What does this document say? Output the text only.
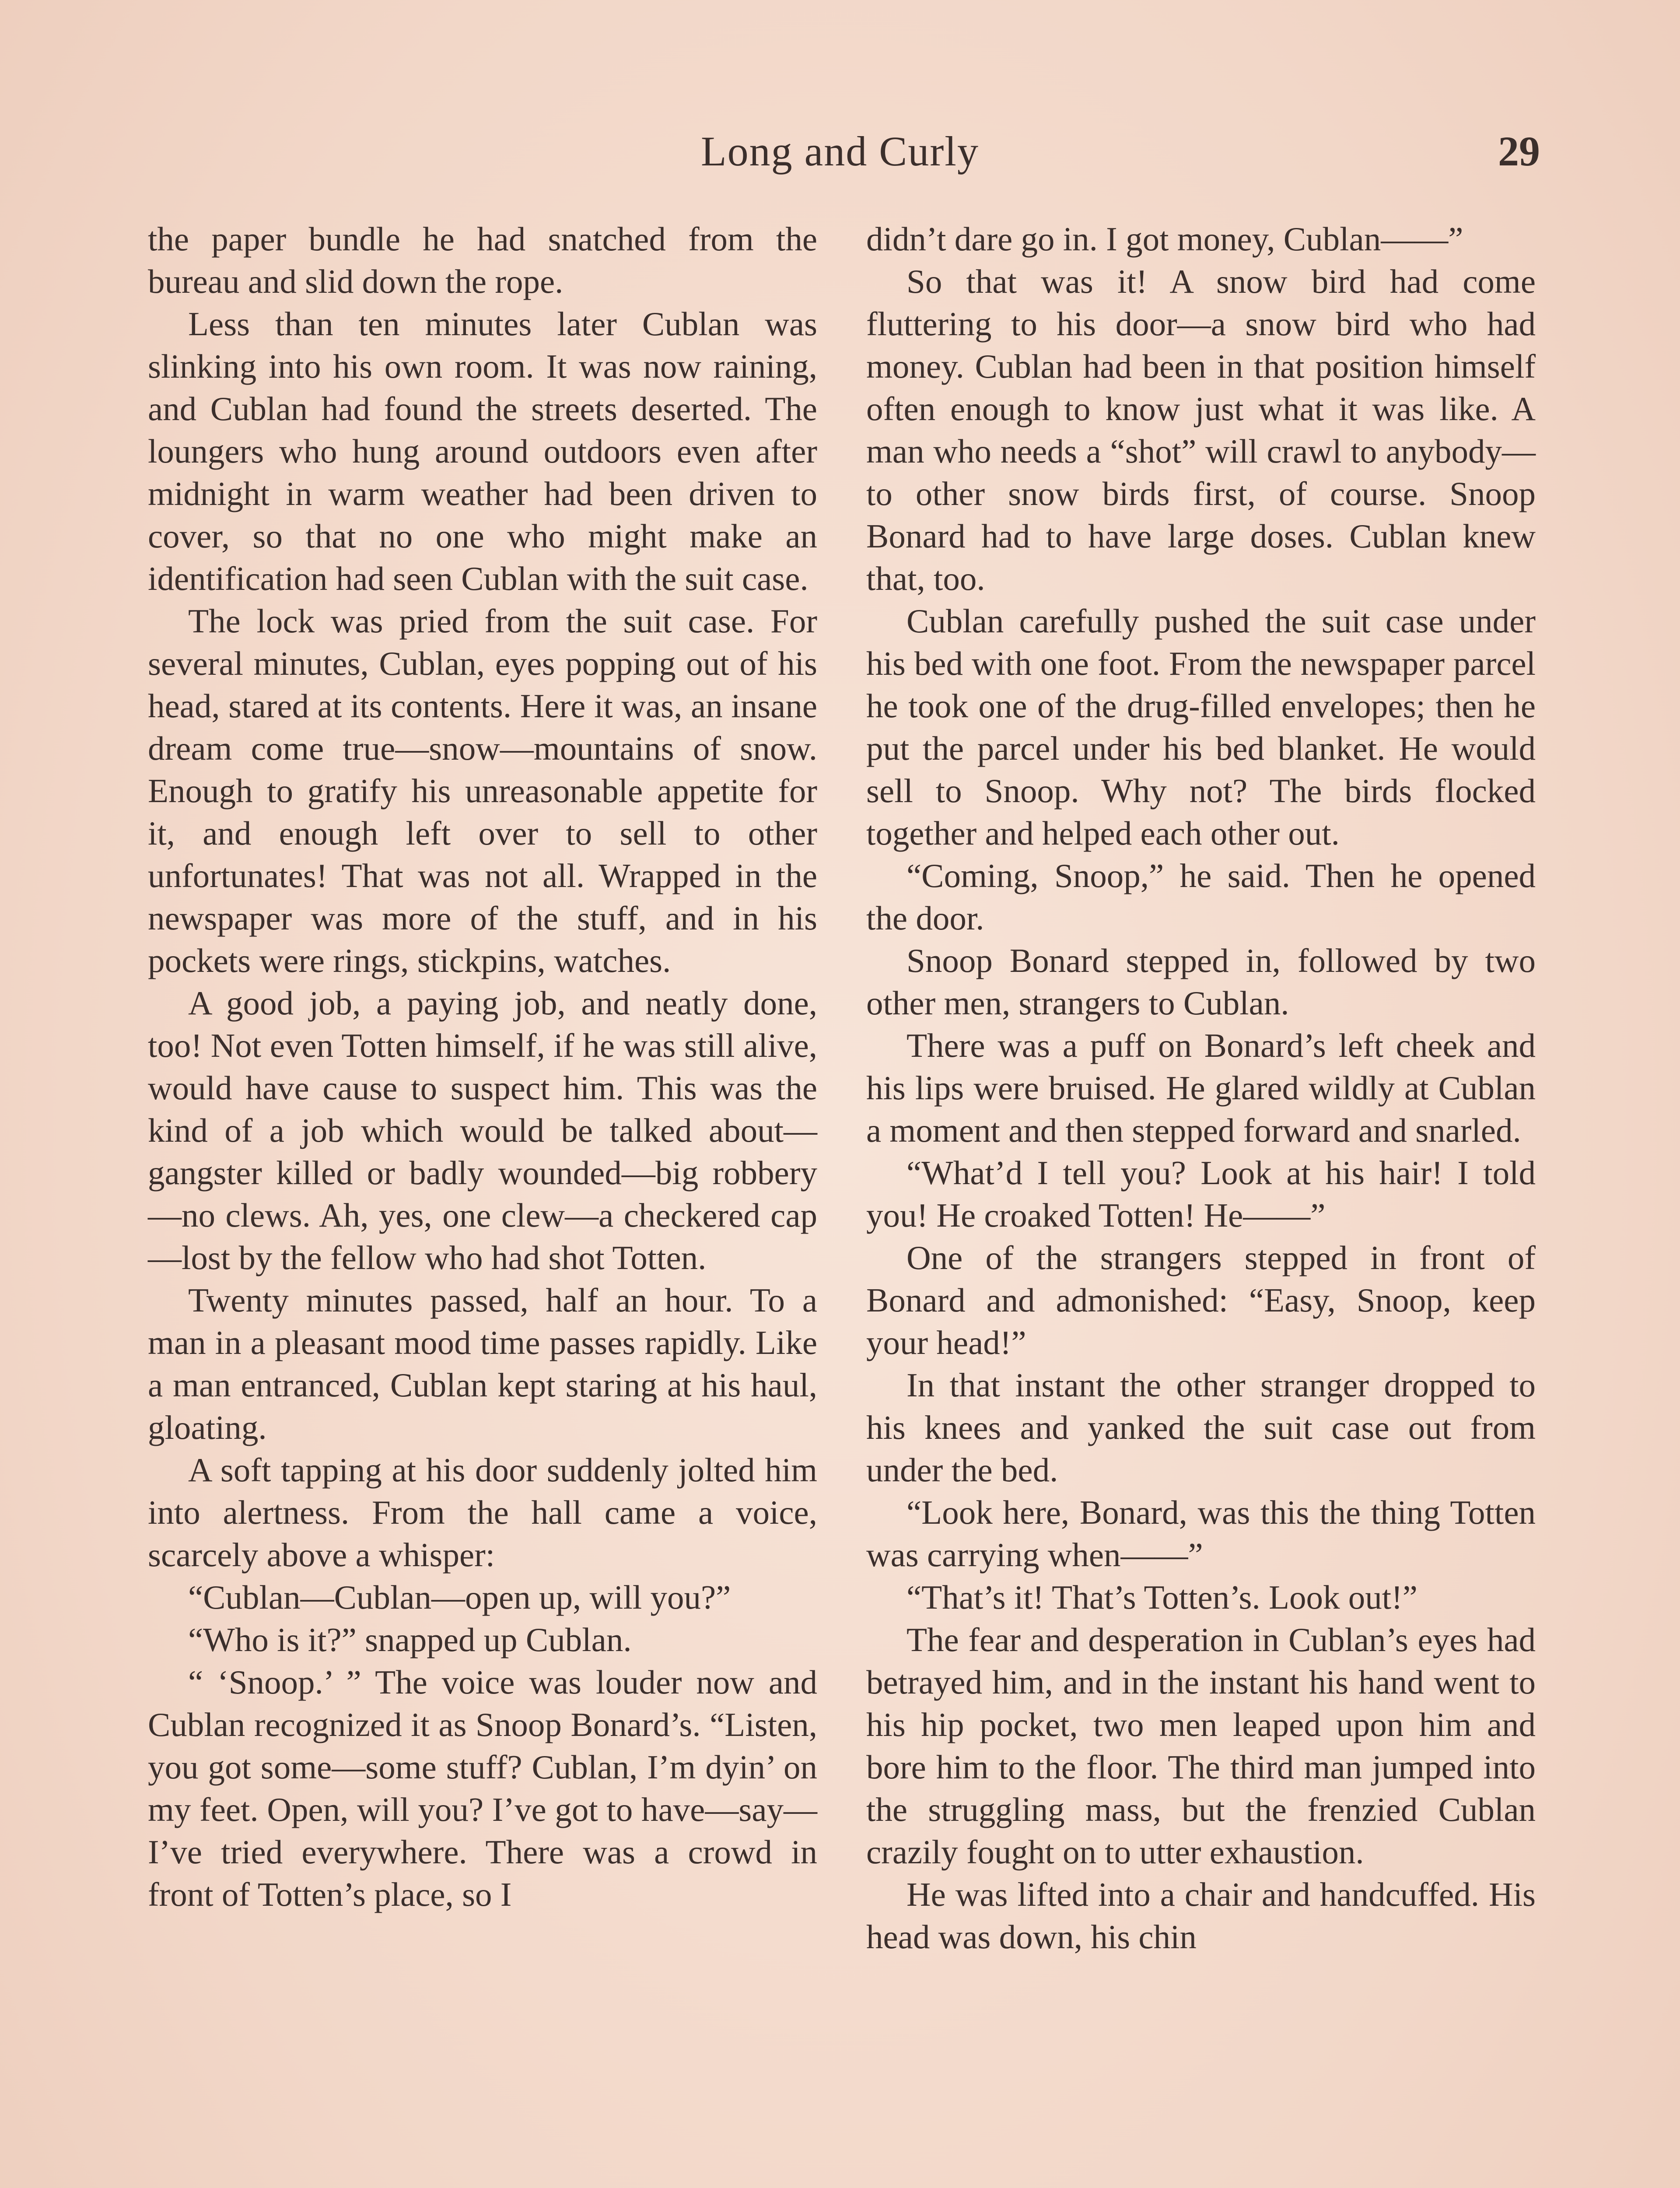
Long and Curly	29

the paper bundle he had snatched from the bureau and slid down the rope.

Less than ten minutes later Cublan was slinking into his own room. It was now raining, and Cublan had found the streets deserted. The loungers who hung around outdoors even after midnight in warm weather had been driven to cover, so that no one who might make an identification had seen Cublan with the suit case.

The lock was pried from the suit case. For several minutes, Cublan, eyes popping out of his head, stared at its contents. Here it was, an insane dream come true—snow—mountains of snow. Enough to gratify his unreasonable appetite for it, and enough left over to sell to other unfortunates! That was not all. Wrapped in the newspaper was more of the stuff, and in his pockets were rings, stickpins, watches.

A good job, a paying job, and neatly done, too! Not even Totten himself, if he was still alive, would have cause to suspect him. This was the kind of a job which would be talked about—gangster killed or badly wounded—big robbery—no clews. Ah, yes, one clew—a checkered cap—lost by the fellow who had shot Totten.

Twenty minutes passed, half an hour. To a man in a pleasant mood time passes rapidly. Like a man entranced, Cublan kept staring at his haul, gloating.

A soft tapping at his door suddenly jolted him into alertness. From the hall came a voice, scarcely above a whisper:

“Cublan—Cublan—open up, will you?”

“Who is it?” snapped up Cublan.

“ ‘Snoop.’ ” The voice was louder now and Cublan recognized it as Snoop Bonard’s. “Listen, you got some—some stuff? Cublan, I’m dyin’ on my feet. Open, will you? I’ve got to have—say—I’ve tried everywhere. There was a crowd in front of Totten’s place, so I

didn’t dare go in. I got money, Cublan——”

So that was it! A snow bird had come fluttering to his door—a snow bird who had money. Cublan had been in that position himself often enough to know just what it was like. A man who needs a “shot” will crawl to anybody—to other snow birds first, of course. Snoop Bonard had to have large doses. Cublan knew that, too.

Cublan carefully pushed the suit case under his bed with one foot. From the newspaper parcel he took one of the drug-filled envelopes; then he put the parcel under his bed blanket. He would sell to Snoop. Why not? The birds flocked together and helped each other out.

“Coming, Snoop,” he said. Then he opened the door.

Snoop Bonard stepped in, followed by two other men, strangers to Cublan.

There was a puff on Bonard’s left cheek and his lips were bruised. He glared wildly at Cublan a moment and then stepped forward and snarled.

“What’d I tell you? Look at his hair! I told you! He croaked Totten! He——”

One of the strangers stepped in front of Bonard and admonished: “Easy, Snoop, keep your head!”

In that instant the other stranger dropped to his knees and yanked the suit case out from under the bed.

“Look here, Bonard, was this the thing Totten was carrying when——”

“That’s it! That’s Totten’s. Look out!”

The fear and desperation in Cublan’s eyes had betrayed him, and in the instant his hand went to his hip pocket, two men leaped upon him and bore him to the floor. The third man jumped into the struggling mass, but the frenzied Cublan crazily fought on to utter exhaustion.

He was lifted into a chair and handcuffed. His head was down, his chin
